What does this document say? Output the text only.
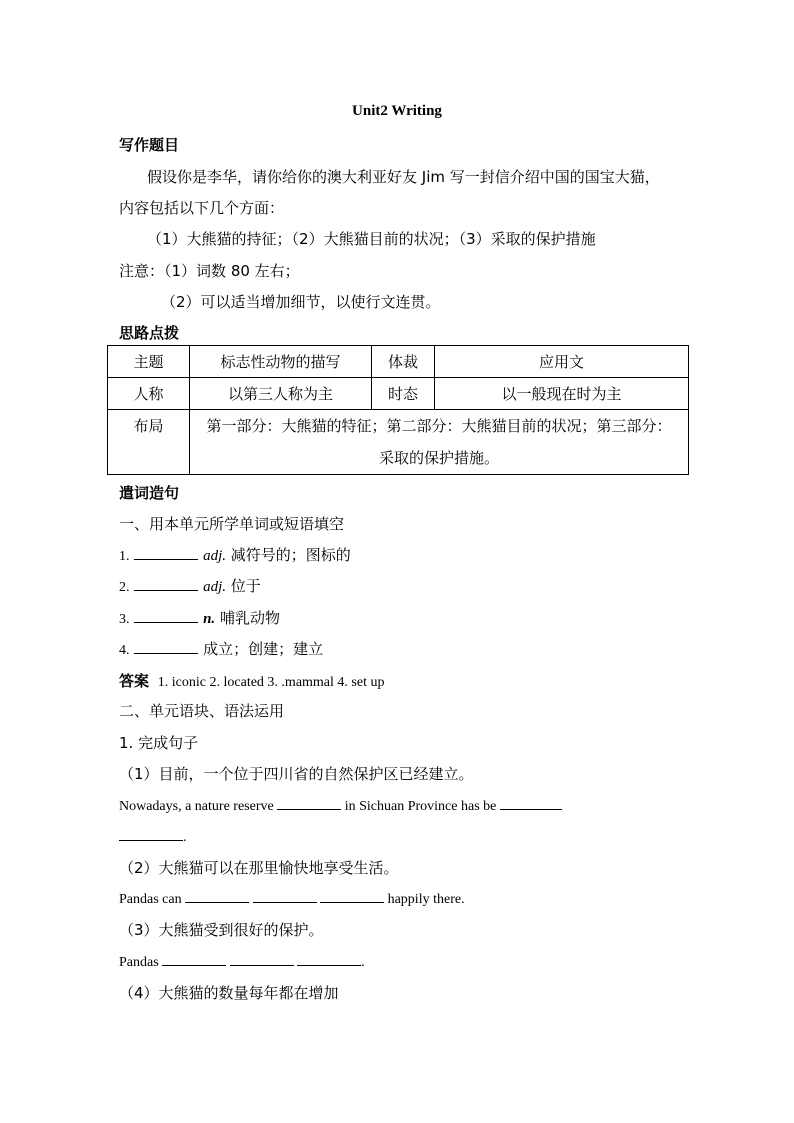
Unit2 Writing
写作题目
假设你是李华，请你给你的澳大利亚好友 Jim 写一封信介绍中国的国宝大猫，
内容包括以下几个方面：
（1）大熊猫的持征；（2）大熊猫目前的状况；（3）采取的保护措施
注意：（1）词数 80 左右；
（2）可以适当增加细节，以使行文连贯。
思路点拨
主题	标志性动物的描写	体裁	应用文
人称	以第三人称为主	时态	以一般现在时为主
布局	第一部分：大熊猫的特征；第二部分：大熊猫目前的状况；第三部分：
采取的保护措施。		
遣词造句
一、用本单元所学单词或短语填空
1.	adj. 减符号的；图标的
2.	adj. 位于
3.	n. 哺乳动物
4.	成立；创建；建立
答案 1. iconic 2. located 3. .mammal 4. set up
二、单元语块、语法运用
1. 完成句子
（1）目前，一个位于四川省的自然保护区已经建立。
Nowadays, a nature reserve	in Sichuan Province has be
.
（2）大熊猫可以在那里愉快地享受生活。
Pandas can	happily there.
（3）大熊猫受到很好的保护。
Pandas	.
（4）大熊猫的数量每年都在增加
